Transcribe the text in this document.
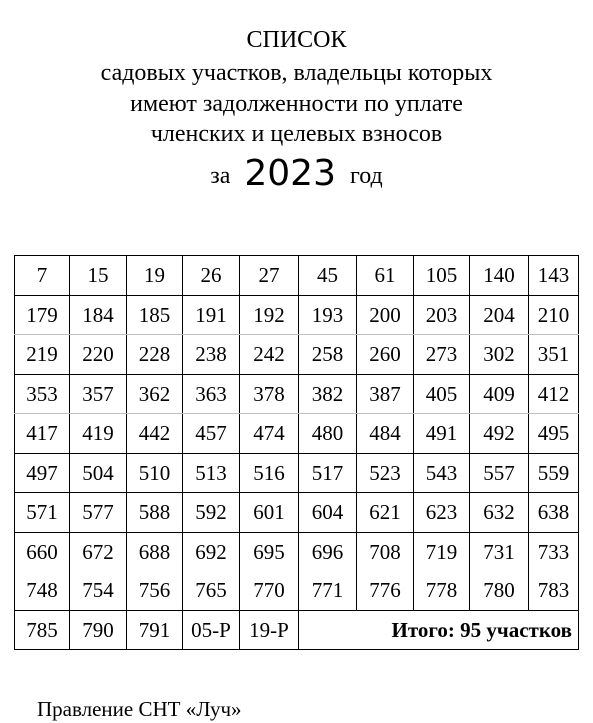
СПИСОК
садовых участков, владельцы которых
имеют задолженности по уплате
членских и целевых взносов
за 2023 год
7	15	19	26	27	45	61	105	140	143
179	184	185	191	192	193	200	203	204	210
219	220	228	238	242	258	260	273	302	351
353	357	362	363	378	382	387	405	409	412
417	419	442	457	474	480	484	491	492	495
497	504	510	513	516	517	523	543	557	559
571	577	588	592	601	604	621	623	632	638
660	672	688	692	695	696	708	719	731	733
748	754	756	765	770	771	776	778	780	783
785	790	791	05-Р	19-Р	Итого: 95 участков				
Правление СНТ «Луч»
